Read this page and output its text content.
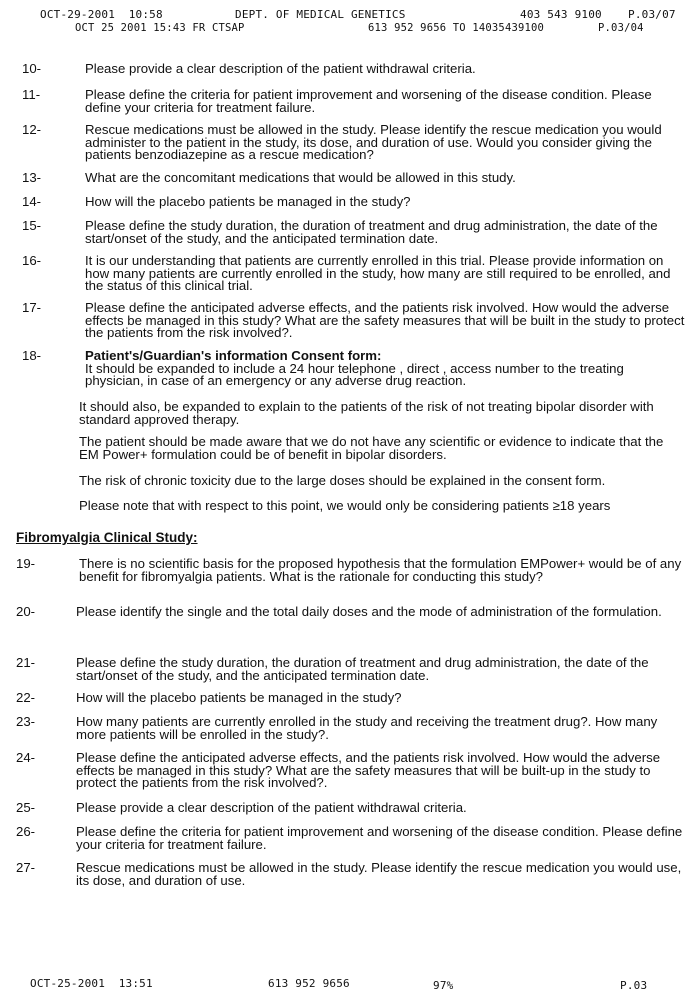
OCT-29-2001  10:58	DEPT. OF MEDICAL GENETICS	403 543 9100 P.03/07
OCT 25 2001 15:43 FR CTSAP	613 952 9656 TO 14035439100	P.03/04
10-	Please provide a clear description of the patient withdrawal criteria.
11-	Please define the criteria for patient improvement and worsening of the disease condition. Please define your criteria for treatment failure.
12-	Rescue medications must be allowed in the study. Please identify the rescue medication you would administer to the patient in the study, its dose, and duration of use. Would you consider giving the patients benzodiazepine as a rescue medication?
13-	What are the concomitant medications that would be allowed in this study.
14-	How will the placebo patients be managed in the study?
15-	Please define the study duration, the duration of treatment and drug administration, the date of the start/onset of the study, and the anticipated termination date.
16-	It is our understanding that patients are currently enrolled in this trial. Please provide information on how many patients are currently enrolled in the study, how many are still required to be enrolled, and the status of this clinical trial.
17-	Please define the anticipated adverse effects, and the patients risk involved. How would the adverse effects be managed in this study? What are the safety measures that will be built in the study to protect the patients from the risk involved?.
18-	Patient's/Guardian's information Consent form:
It should be expanded to include a 24 hour telephone , direct , access number to the treating physician, in case of an emergency or any adverse drug reaction.
It should also, be expanded to explain to the patients of the risk of not treating bipolar disorder with standard approved therapy.
The patient should be made aware that we do not have any scientific or evidence to indicate that the EM Power+ formulation could be of benefit in bipolar disorders.
The risk of chronic toxicity due to the large doses should be explained in the consent form.
Please note that with respect to this point, we would only be considering patients ≥18 years
Fibromyalgia Clinical Study:
19-	There is no scientific basis for the proposed hypothesis that the formulation EMPower+ would be of any benefit for fibromyalgia patients. What is the rationale for conducting this study?
20-	Please identify the single and the total daily doses and the mode of administration of the formulation.
21-	Please define the study duration, the duration of treatment and drug administration, the date of the start/onset of the study, and the anticipated termination date.
22-	How will the placebo patients be managed in the study?
23-	How many patients are currently enrolled in the study and receiving the treatment drug?. How many more patients will be enrolled in the study?.
24-	Please define the anticipated adverse effects, and the patients risk involved. How would the adverse effects be managed in this study? What are the safety measures that will be built-up in the study to protect the patients from the risk involved?.
25-	Please provide a clear description of the patient withdrawal criteria.
26-	Please define the criteria for patient improvement and worsening of the disease condition. Please define your criteria for treatment failure.
27-	Rescue medications must be allowed in the study. Please identify the rescue medication you would use, its dose, and duration of use.
OCT-25-2001  13:51	613 952 9656	97%	P.03
